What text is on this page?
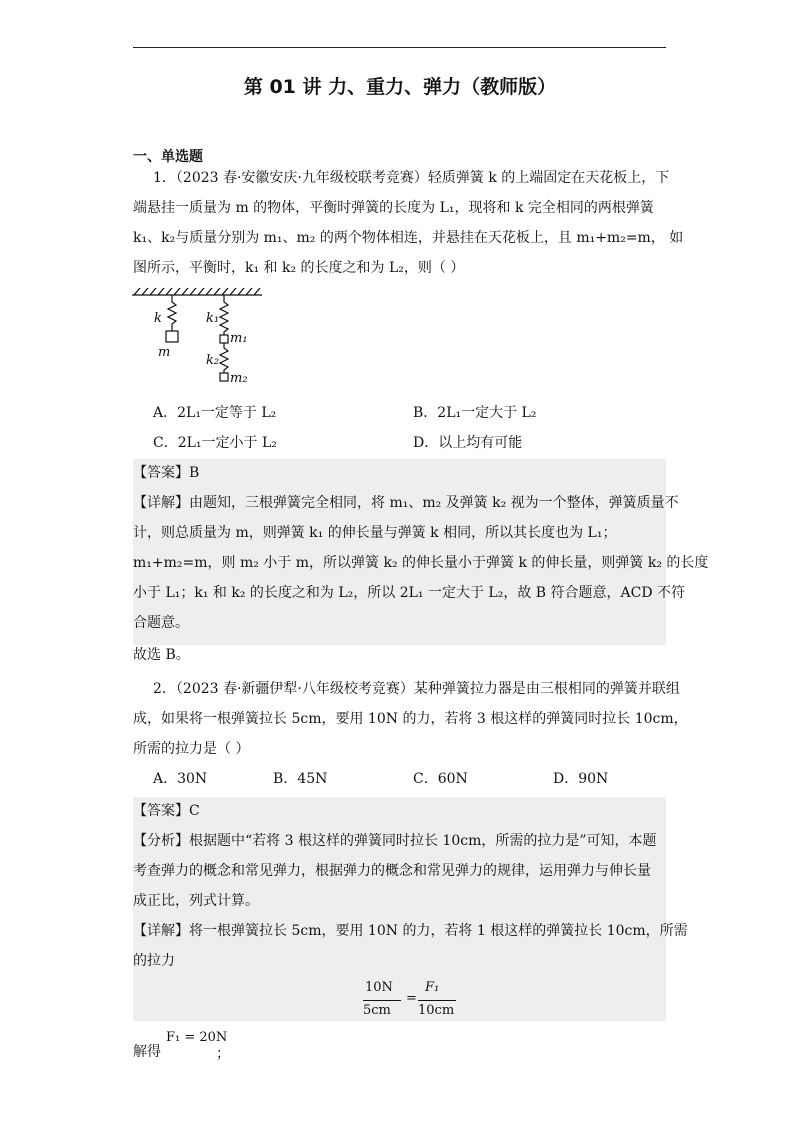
第 01 讲 力、重力、弹力（教师版）
一、单选题
1．（2023 春·安徽安庆·九年级校联考竞赛）轻质弹簧 k 的上端固定在天花板上，下
端悬挂一质量为 m 的物体，平衡时弹簧的长度为 L₁，现将和 k 完全相同的两根弹簧
k₁、k₂与质量分别为 m₁、m₂ 的两个物体相连，并悬挂在天花板上，且 m₁+m₂=m， 如
图所示，平衡时，k₁ 和 k₂ 的长度之和为 L₂，则（ ）
k
m
k₁
m₁
k₂
m₂
A．2L₁一定等于 L₂	B．2L₁一定大于 L₂
C．2L₁一定小于 L₂	D．以上均有可能
【答案】B
【详解】由题知，三根弹簧完全相同，将 m₁、m₂ 及弹簧 k₂ 视为一个整体，弹簧质量不
计，则总质量为 m，则弹簧 k₁ 的伸长量与弹簧 k 相同，所以其长度也为 L₁；
m₁+m₂=m，则 m₂ 小于 m，所以弹簧 k₂ 的伸长量小于弹簧 k 的伸长量，则弹簧 k₂ 的长度
小于 L₁；k₁ 和 k₂ 的长度之和为 L₂，所以 2L₁ 一定大于 L₂，故 B 符合题意，ACD 不符
合题意。
故选 B。
2．（2023 春·新疆伊犁·八年级校考竞赛）某种弹簧拉力器是由三根相同的弹簧并联组
成，如果将一根弹簧拉长 5cm，要用 10N 的力，若将 3 根这样的弹簧同时拉长 10cm，
所需的拉力是（ ）
A．30N	B．45N	C．60N	D．90N
【答案】C
【分析】根据题中“若将 3 根这样的弹簧同时拉长 10cm，所需的拉力是”可知，本题
考查弹力的概念和常见弹力，根据弹力的概念和常见弹力的规律，运用弹力与伸长量
成正比，列式计算。
【详解】将一根弹簧拉长 5cm，要用 10N 的力，若将 1 根这样的弹簧拉长 10cm，所需
的拉力
10N
5cm
=
F₁
10cm
解得
F₁ = 20N
；
